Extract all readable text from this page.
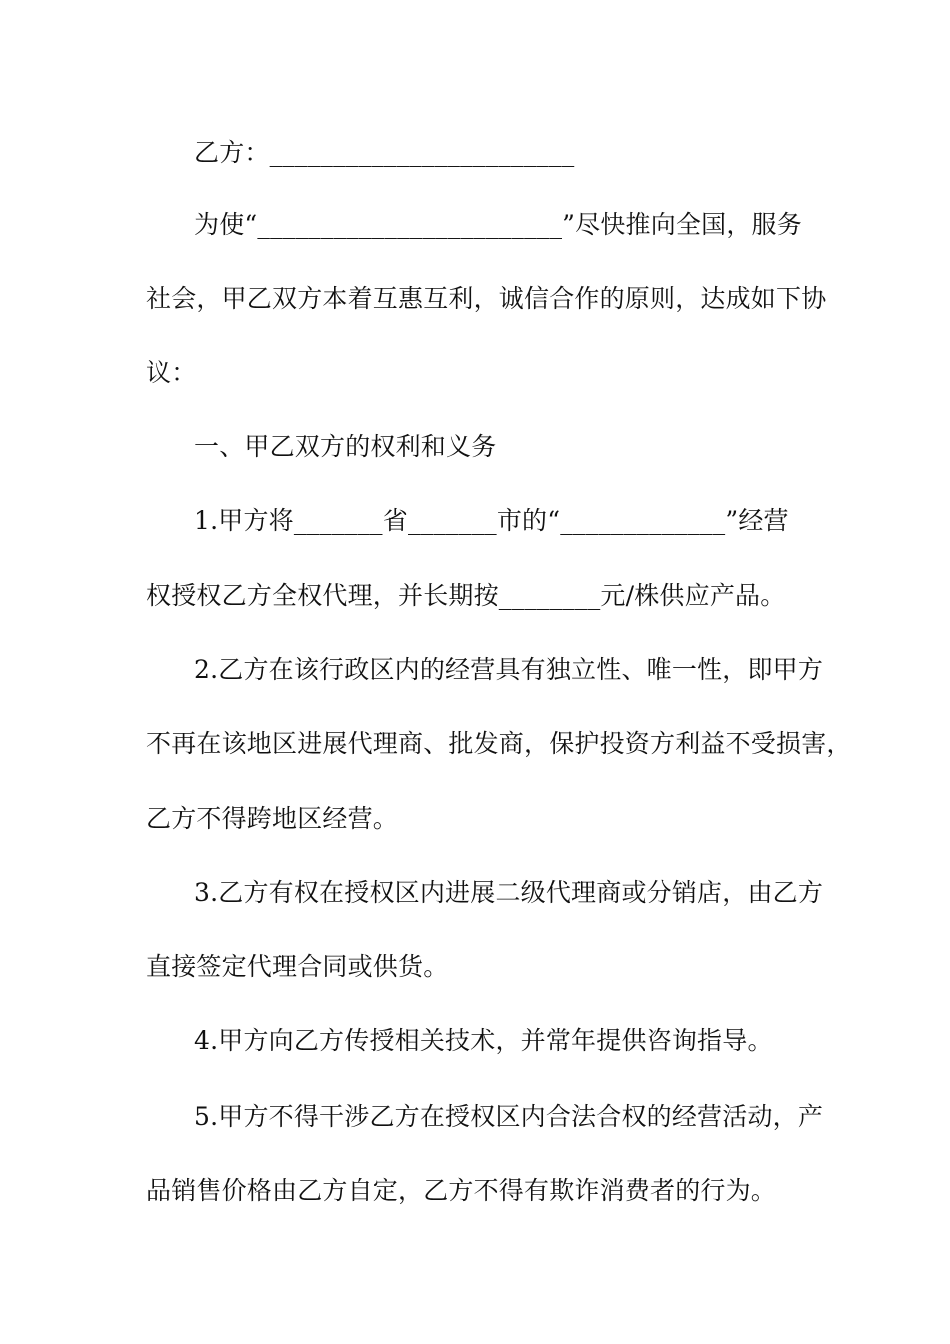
乙方：________________________
为使“________________________”尽快推向全国，服务
社会，甲乙双方本着互惠互利，诚信合作的原则，达成如下协
议：
一、甲乙双方的权利和义务
1.甲方将_______省_______市的“_____________”经营
权授权乙方全权代理，并长期按________元/株供应产品。
2.乙方在该行政区内的经营具有独立性、唯一性，即甲方
不再在该地区进展代理商、批发商，保护投资方利益不受损害，
乙方不得跨地区经营。
3.乙方有权在授权区内进展二级代理商或分销店，由乙方
直接签定代理合同或供货。
4.甲方向乙方传授相关技术，并常年提供咨询指导。
5.甲方不得干涉乙方在授权区内合法合权的经营活动，产
品销售价格由乙方自定，乙方不得有欺诈消费者的行为。
